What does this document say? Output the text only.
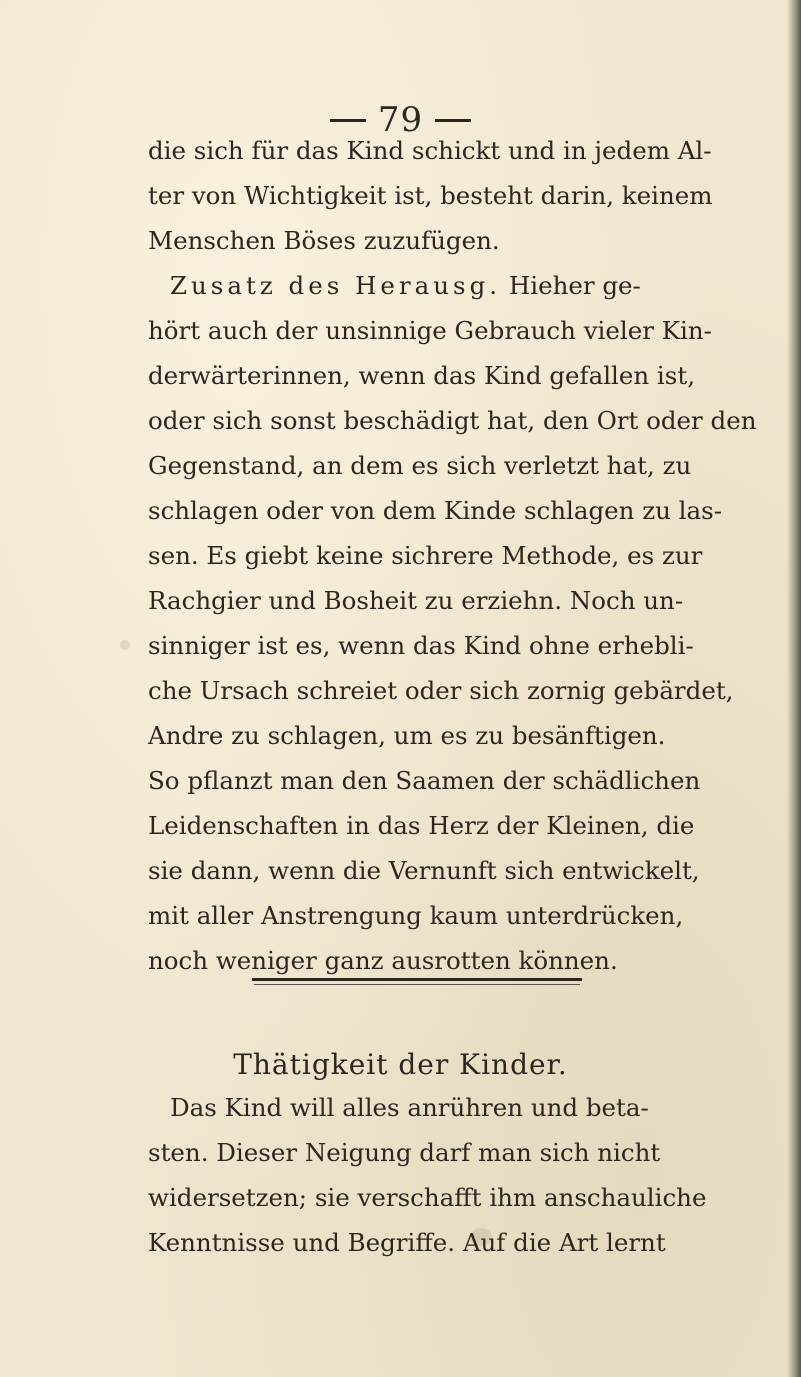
79
die sich für das Kind schickt und in jedem Al-
ter von Wichtigkeit ist, besteht darin, keinem
Menschen Böses zuzufügen.
Zusatz des Herausg. Hieher ge-
hört auch der unsinnige Gebrauch vieler Kin-
derwärterinnen, wenn das Kind gefallen ist,
oder sich sonst beschädigt hat, den Ort oder den
Gegenstand, an dem es sich verletzt hat, zu
schlagen oder von dem Kinde schlagen zu las-
sen. Es giebt keine sichrere Methode, es zur
Rachgier und Bosheit zu erziehn. Noch un-
sinniger ist es, wenn das Kind ohne erhebli-
che Ursach schreiet oder sich zornig gebärdet,
Andre zu schlagen, um es zu besänftigen.
So pflanzt man den Saamen der schädlichen
Leidenschaften in das Herz der Kleinen, die
sie dann, wenn die Vernunft sich entwickelt,
mit aller Anstrengung kaum unterdrücken,
noch weniger ganz ausrotten können.
Thätigkeit der Kinder.
Das Kind will alles anrühren und beta-
sten. Dieser Neigung darf man sich nicht
widersetzen; sie verschafft ihm anschauliche
Kenntnisse und Begriffe. Auf die Art lernt
